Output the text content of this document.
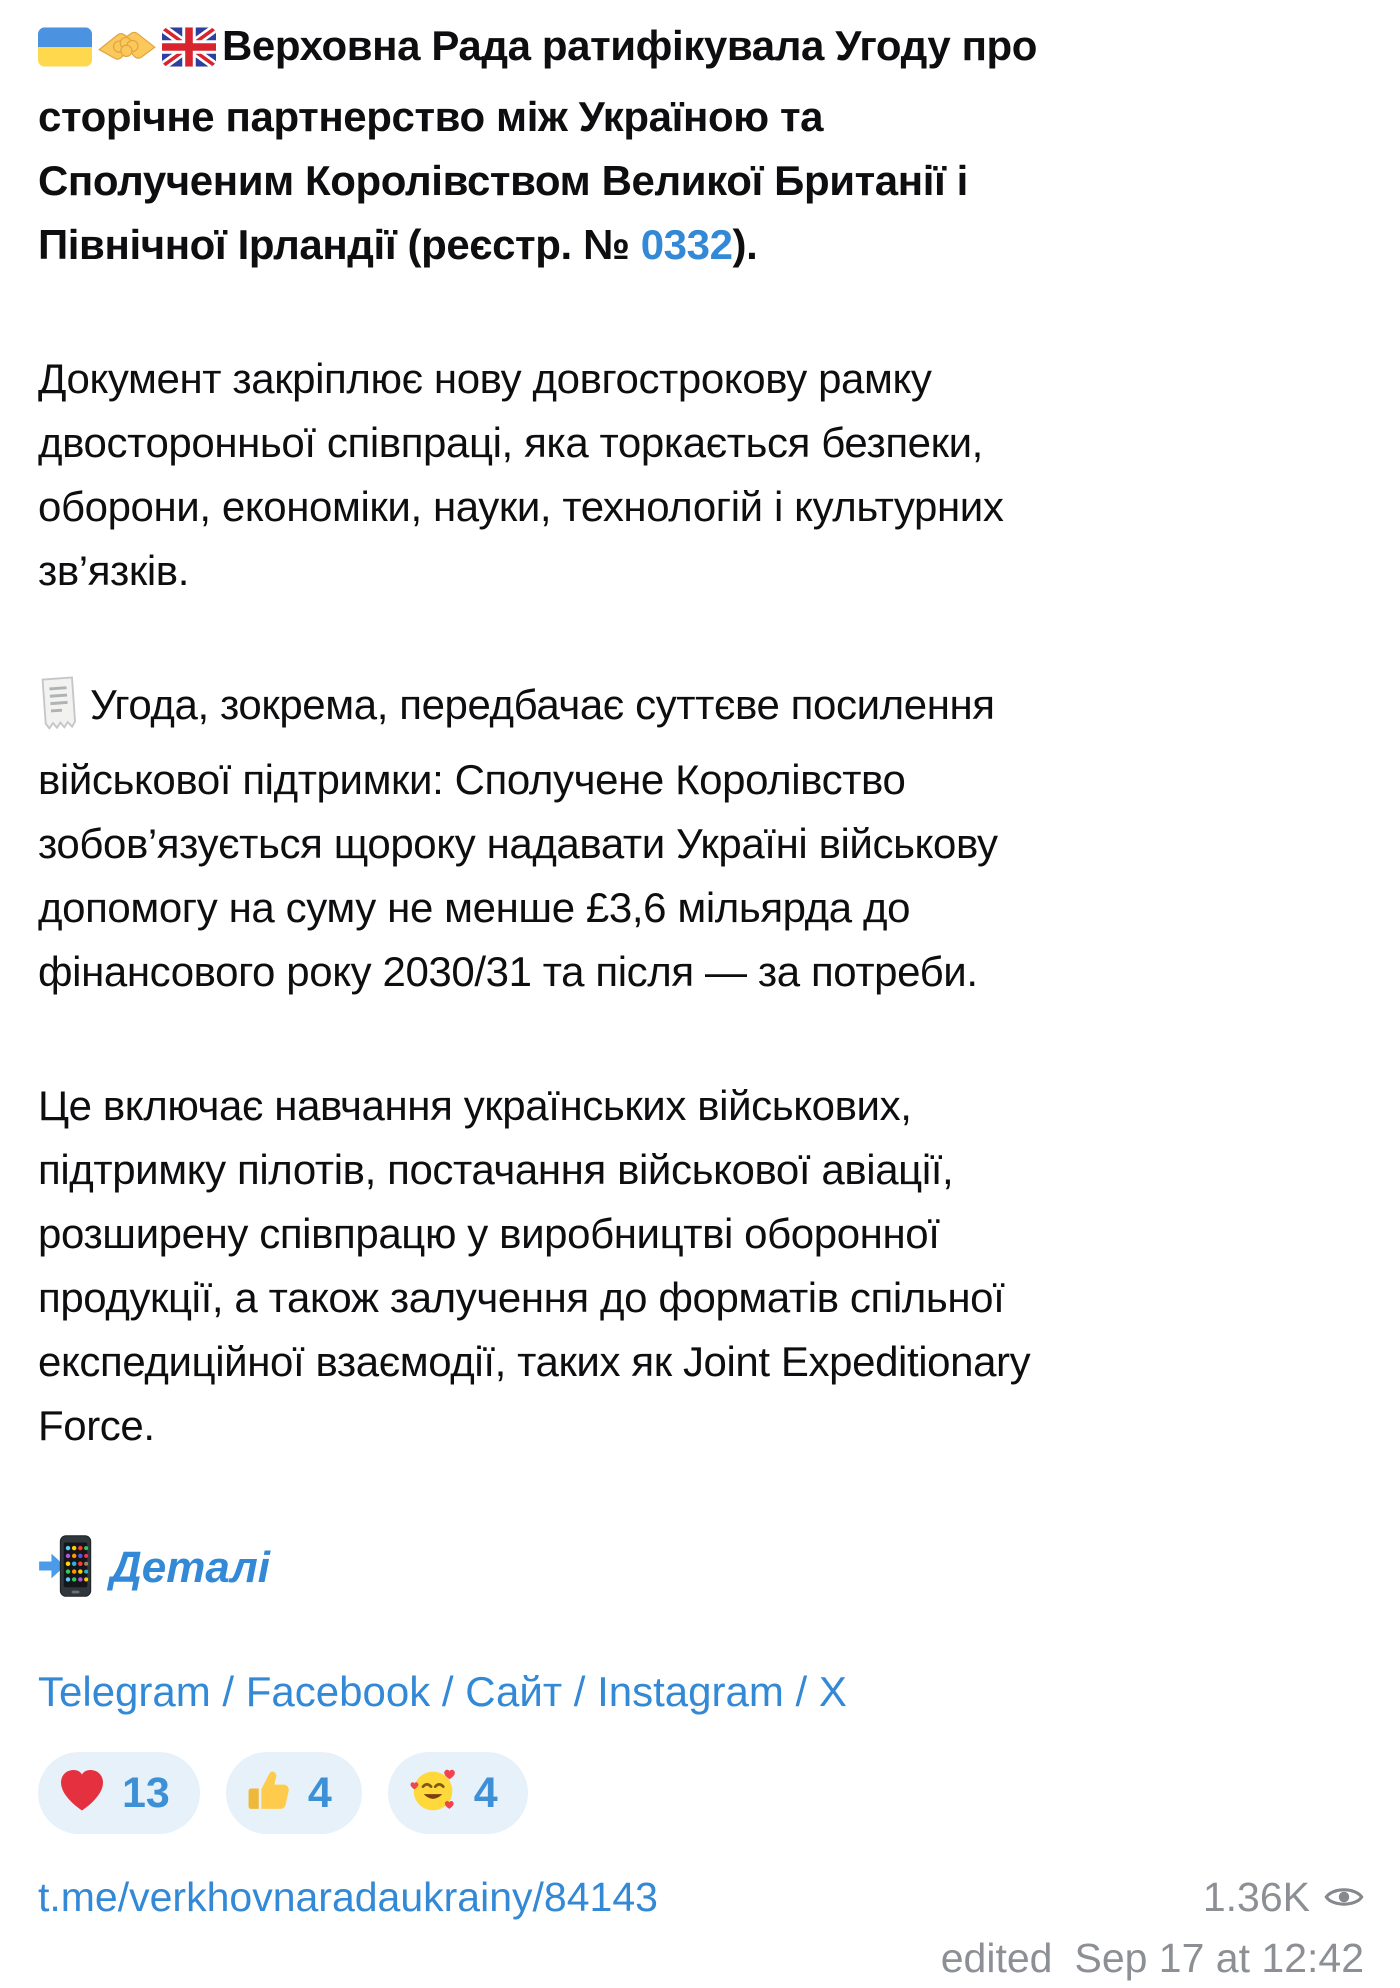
Верховна Рада ратифікувала Угоду про сторічне партнерство між Україною та Сполученим Королівством Великої Британії і Північної Ірландії (реєстр. № 0332).

Документ закріплює нову довгострокову рамку двосторонньої співпраці, яка торкається безпеки, оборони, економіки, науки, технологій і культурних зв’язків.

Угода, зокрема, передбачає суттєве посилення військової підтримки: Сполучене Королівство зобов’язується щороку надавати Україні військову допомогу на суму не менше £3,6 мільярда до фінансового року 2030/31 та після — за потреби.

Це включає навчання українських військових, підтримку пілотів, постачання військової авіації, розширену співпрацю у виробництві оборонної продукції, а також залучення до форматів спільної експедиційної взаємодії, таких як Joint Expeditionary Force.

Деталі
Telegram / Facebook / Сайт / Instagram / X
13	4	4
t.me/verkhovnaradaukrainy/84143	1.36K
edited Sep 17 at 12:42
